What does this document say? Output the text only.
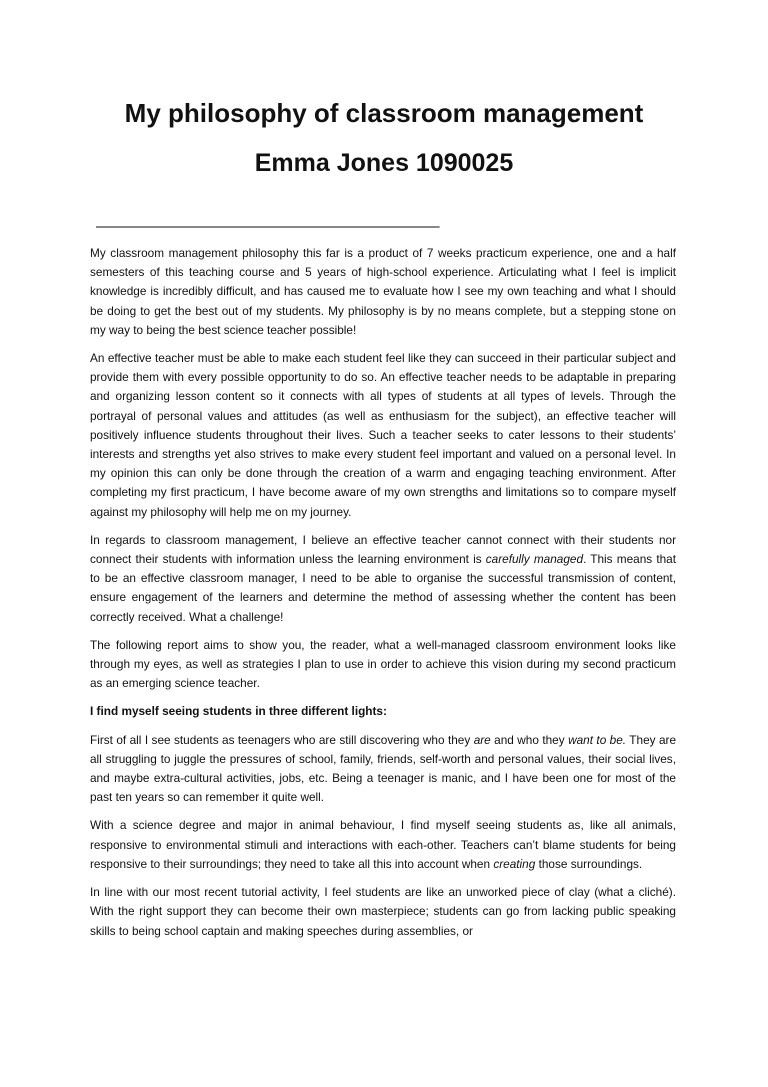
My philosophy of classroom management
Emma Jones 1090025
________________________________

My classroom management philosophy this far is a product of 7 weeks practicum experience, one and a half semesters of this teaching course and 5 years of high-school experience. Articulating what I feel is implicit knowledge is incredibly difficult, and has caused me to evaluate how I see my own teaching and what I should be doing to get the best out of my students. My philosophy is by no means complete, but a stepping stone on my way to being the best science teacher possible!

An effective teacher must be able to make each student feel like they can succeed in their particular subject and provide them with every possible opportunity to do so. An effective teacher needs to be adaptable in preparing and organizing lesson content so it connects with all types of students at all types of levels. Through the portrayal of personal values and attitudes (as well as enthusiasm for the subject), an effective teacher will positively influence students throughout their lives. Such a teacher seeks to cater lessons to their students’ interests and strengths yet also strives to make every student feel important and valued on a personal level. In my opinion this can only be done through the creation of a warm and engaging teaching environment. After completing my first practicum, I have become aware of my own strengths and limitations so to compare myself against my philosophy will help me on my journey.

In regards to classroom management, I believe an effective teacher cannot connect with their students nor connect their students with information unless the learning environment is carefully managed. This means that to be an effective classroom manager, I need to be able to organise the successful transmission of content, ensure engagement of the learners and determine the method of assessing whether the content has been correctly received. What a challenge!

The following report aims to show you, the reader, what a well-managed classroom environment looks like through my eyes, as well as strategies I plan to use in order to achieve this vision during my second practicum as an emerging science teacher.

I find myself seeing students in three different lights:

First of all I see students as teenagers who are still discovering who they are and who they want to be. They are all struggling to juggle the pressures of school, family, friends, self-worth and personal values, their social lives, and maybe extra-cultural activities, jobs, etc. Being a teenager is manic, and I have been one for most of the past ten years so can remember it quite well.

With a science degree and major in animal behaviour, I find myself seeing students as, like all animals, responsive to environmental stimuli and interactions with each-other. Teachers can’t blame students for being responsive to their surroundings; they need to take all this into account when creating those surroundings.

In line with our most recent tutorial activity, I feel students are like an unworked piece of clay (what a cliché). With the right support they can become their own masterpiece; students can go from lacking public speaking skills to being school captain and making speeches during assemblies, or
